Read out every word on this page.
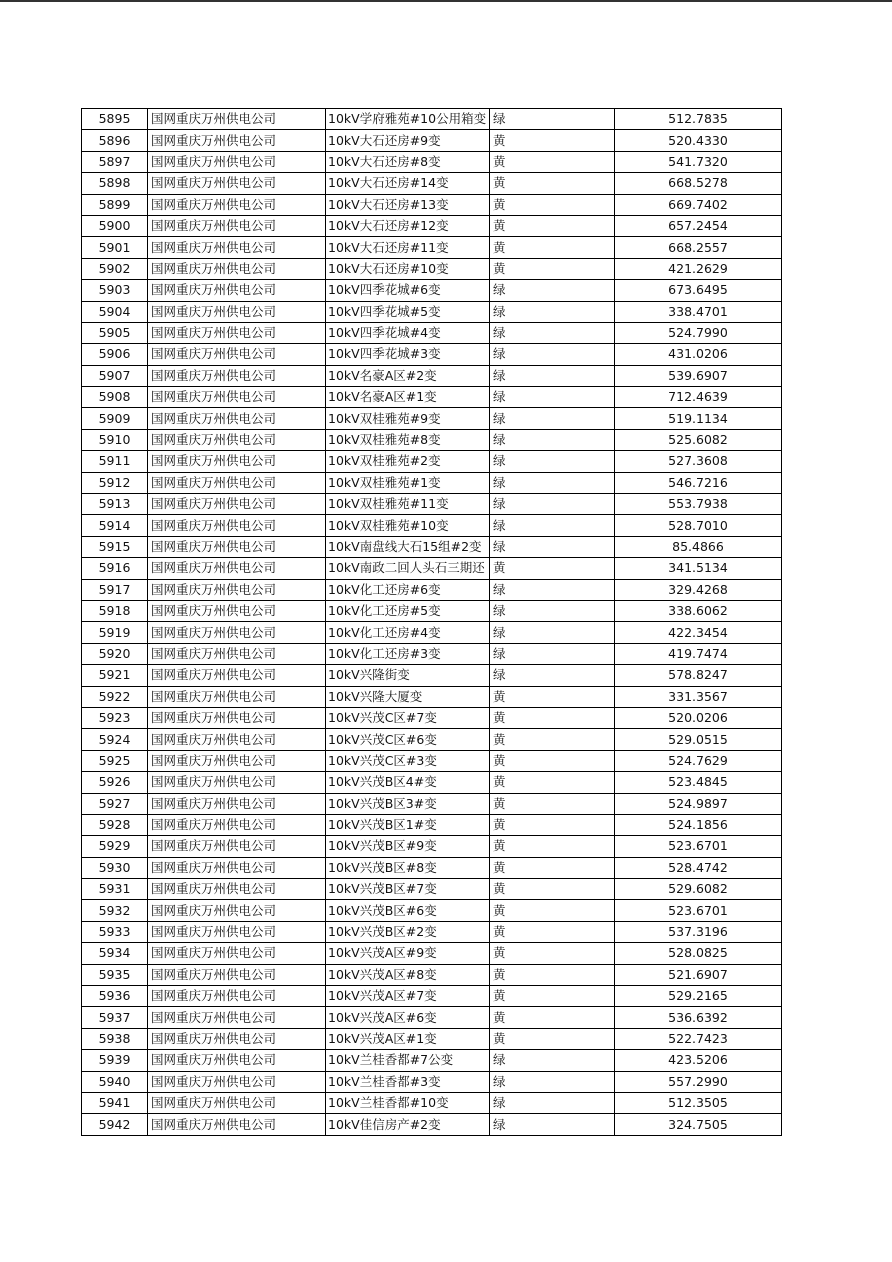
5895	国网重庆万州供电公司	10kV学府雅苑#10公用箱变	绿	512.7835
5896	国网重庆万州供电公司	10kV大石还房#9变	黄	520.4330
5897	国网重庆万州供电公司	10kV大石还房#8变	黄	541.7320
5898	国网重庆万州供电公司	10kV大石还房#14变	黄	668.5278
5899	国网重庆万州供电公司	10kV大石还房#13变	黄	669.7402
5900	国网重庆万州供电公司	10kV大石还房#12变	黄	657.2454
5901	国网重庆万州供电公司	10kV大石还房#11变	黄	668.2557
5902	国网重庆万州供电公司	10kV大石还房#10变	黄	421.2629
5903	国网重庆万州供电公司	10kV四季花城#6变	绿	673.6495
5904	国网重庆万州供电公司	10kV四季花城#5变	绿	338.4701
5905	国网重庆万州供电公司	10kV四季花城#4变	绿	524.7990
5906	国网重庆万州供电公司	10kV四季花城#3变	绿	431.0206
5907	国网重庆万州供电公司	10kV名豪A区#2变	绿	539.6907
5908	国网重庆万州供电公司	10kV名豪A区#1变	绿	712.4639
5909	国网重庆万州供电公司	10kV双桂雅苑#9变	绿	519.1134
5910	国网重庆万州供电公司	10kV双桂雅苑#8变	绿	525.6082
5911	国网重庆万州供电公司	10kV双桂雅苑#2变	绿	527.3608
5912	国网重庆万州供电公司	10kV双桂雅苑#1变	绿	546.7216
5913	国网重庆万州供电公司	10kV双桂雅苑#11变	绿	553.7938
5914	国网重庆万州供电公司	10kV双桂雅苑#10变	绿	528.7010
5915	国网重庆万州供电公司	10kV南盘线大石15组#2变	绿	85.4866
5916	国网重庆万州供电公司	10kV南政二回人头石三期还	黄	341.5134
5917	国网重庆万州供电公司	10kV化工还房#6变	绿	329.4268
5918	国网重庆万州供电公司	10kV化工还房#5变	绿	338.6062
5919	国网重庆万州供电公司	10kV化工还房#4变	绿	422.3454
5920	国网重庆万州供电公司	10kV化工还房#3变	绿	419.7474
5921	国网重庆万州供电公司	10kV兴隆街变	绿	578.8247
5922	国网重庆万州供电公司	10kV兴隆大厦变	黄	331.3567
5923	国网重庆万州供电公司	10kV兴茂C区#7变	黄	520.0206
5924	国网重庆万州供电公司	10kV兴茂C区#6变	黄	529.0515
5925	国网重庆万州供电公司	10kV兴茂C区#3变	黄	524.7629
5926	国网重庆万州供电公司	10kV兴茂B区4#变	黄	523.4845
5927	国网重庆万州供电公司	10kV兴茂B区3#变	黄	524.9897
5928	国网重庆万州供电公司	10kV兴茂B区1#变	黄	524.1856
5929	国网重庆万州供电公司	10kV兴茂B区#9变	黄	523.6701
5930	国网重庆万州供电公司	10kV兴茂B区#8变	黄	528.4742
5931	国网重庆万州供电公司	10kV兴茂B区#7变	黄	529.6082
5932	国网重庆万州供电公司	10kV兴茂B区#6变	黄	523.6701
5933	国网重庆万州供电公司	10kV兴茂B区#2变	黄	537.3196
5934	国网重庆万州供电公司	10kV兴茂A区#9变	黄	528.0825
5935	国网重庆万州供电公司	10kV兴茂A区#8变	黄	521.6907
5936	国网重庆万州供电公司	10kV兴茂A区#7变	黄	529.2165
5937	国网重庆万州供电公司	10kV兴茂A区#6变	黄	536.6392
5938	国网重庆万州供电公司	10kV兴茂A区#1变	黄	522.7423
5939	国网重庆万州供电公司	10kV兰桂香都#7公变	绿	423.5206
5940	国网重庆万州供电公司	10kV兰桂香都#3变	绿	557.2990
5941	国网重庆万州供电公司	10kV兰桂香都#10变	绿	512.3505
5942	国网重庆万州供电公司	10kV佳信房产#2变	绿	324.7505
